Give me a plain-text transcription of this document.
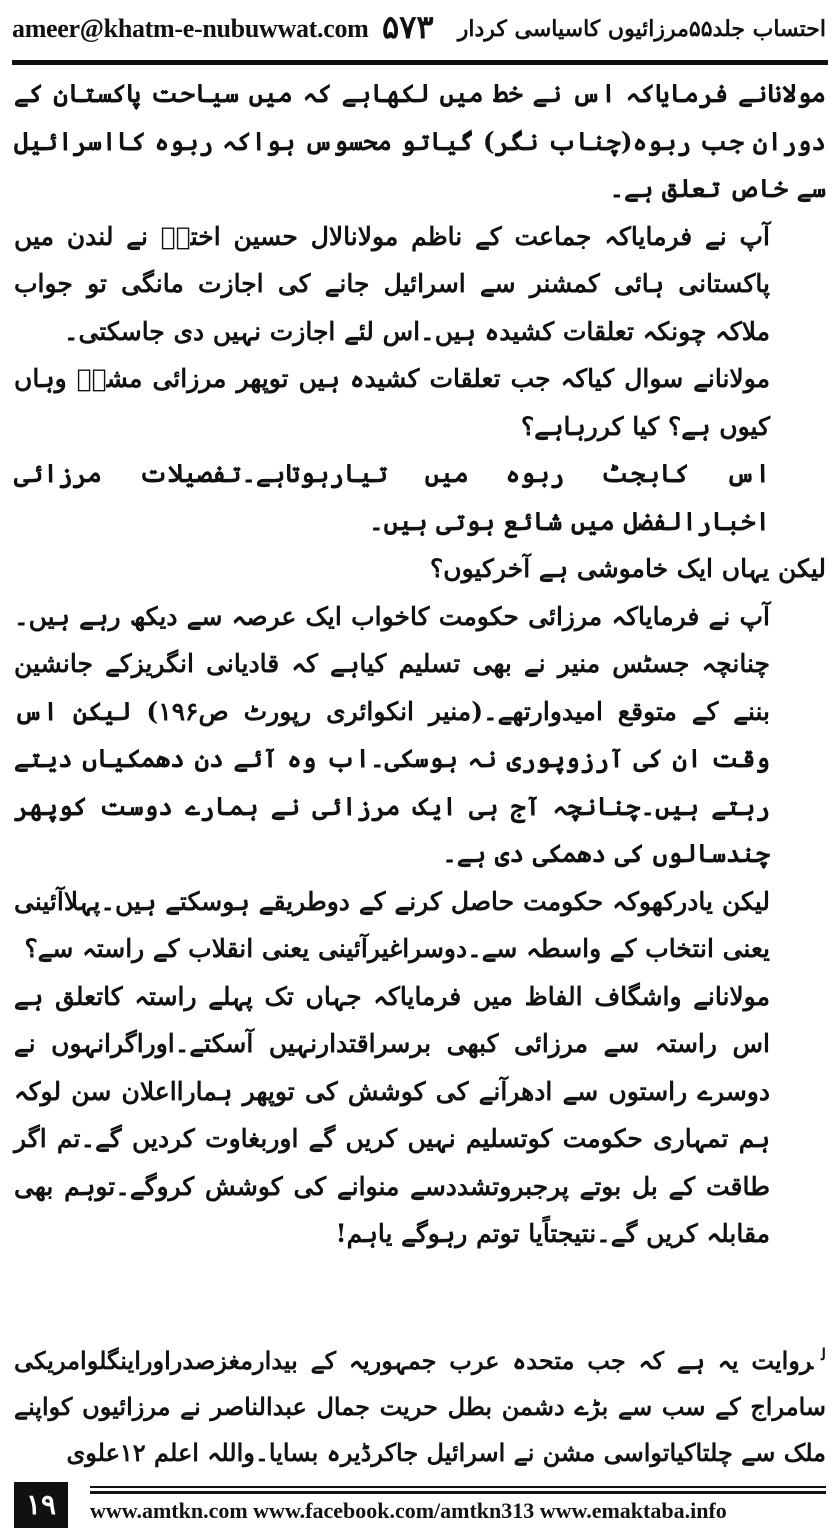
ameer@khatm-e-nubuwwat.com ۵۷۳ احتساب جلد۵۵مرزائیوں کاسیاسی کردار

مولانانے فرمایاکہ اس نے خط میں لکھاہے کہ میں سیاحت پاکستان کے دوران جب ربوہ(چناب نگر) گیاتو محسوس ہواکہ ربوہ کااسرائیل سے خاص تعلق ہے۔

آپ نے فرمایاکہ جماعت کے ناظم مولانالال حسین اخترؒ نے لندن میں پاکستانی ہائی کمشنر سے اسرائیل جانے کی اجازت مانگی تو جواب ملاکہ چونکہ تعلقات کشیدہ ہیں۔اس لئے اجازت نہیں دی جاسکتی۔

مولانانے سوال کیاکہ جب تعلقات کشیدہ ہیں توپھر مرزائی مشنؐ وہاں کیوں ہے؟ کیا کررہاہے؟

اس کابجٹ ربوہ میں تیارہوتاہے۔تفصیلات مرزائی اخبارالفضل میں شائع ہوتی ہیں۔

لیکن یہاں ایک خاموشی ہے آخرکیوں؟

آپ نے فرمایاکہ مرزائی حکومت کاخواب ایک عرصہ سے دیکھ رہے ہیں۔چنانچہ جسٹس منیر نے بھی تسلیم کیاہے کہ قادیانی انگریزکے جانشین بننے کے متوقع امیدوارتھے۔(منیر انکوائری رپورٹ ص۱۹۶) لیکن اس وقت ان کی آرزوپوری نہ ہوسکی۔اب وہ آئے دن دھمکیاں دیتے رہتے ہیں۔چنانچہ آج ہی ایک مرزائی نے ہمارے دوست کوپھر چندسالوں کی دھمکی دی ہے۔

لیکن یادرکھوکہ حکومت حاصل کرنے کے دوطریقے ہوسکتے ہیں۔پہلاآئینی یعنی انتخاب کے واسطہ سے۔دوسراغیرآئینی یعنی انقلاب کے راستہ سے؟

مولانانے واشگاف الفاظ میں فرمایاکہ جہاں تک پہلے راستہ کاتعلق ہے اس راستہ سے مرزائی کبھی برسراقتدارنہیں آسکتے۔اوراگرانہوں نے دوسرے راستوں سے ادھرآنے کی کوشش کی توپھر ہمارااعلان سن لوکہ ہم تمہاری حکومت کوتسلیم نہیں کریں گے اوربغاوت کردیں گے۔تم اگر طاقت کے بل بوتے پرجبروتشددسے منوانے کی کوشش کروگے۔توہم بھی مقابلہ کریں گے۔نتیجتاًیا توتم رہوگے یاہم!

$^ل$روایت یہ ہے کہ جب متحدہ عرب جمہوریہ کے بیدارمغزصدراوراینگلوامریکی سامراج کے سب سے بڑے دشمن بطل حریت جمال عبدالناصر نے مرزائیوں کواپنے ملک سے چلتاکیاتواسی مشن نے اسرائیل جاکرڈیرہ بسایا۔واللہ اعلم ۱۲علوی
۱۹	www.amtkn.com www.facebook.com/amtkn313 www.emaktaba.info
